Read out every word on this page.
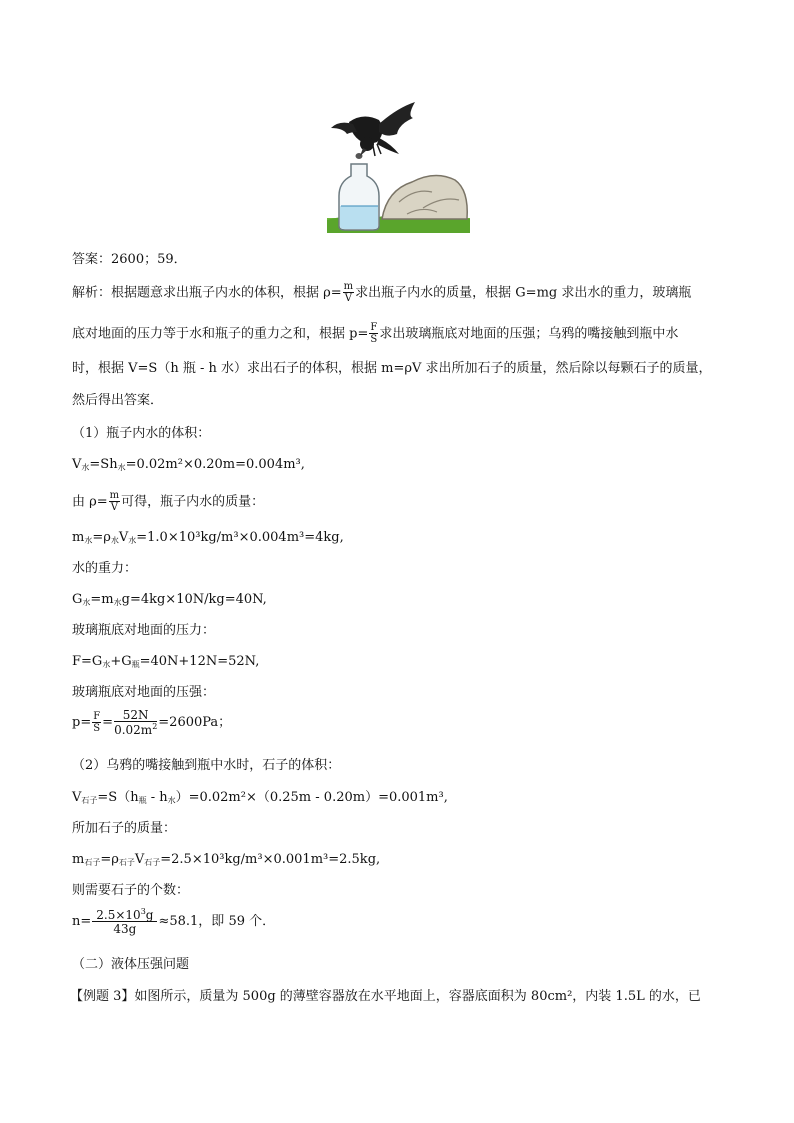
答案：2600；59．
解析：根据题意求出瓶子内水的体积，根据 $\rho= \frac{m}{V}$ 求出瓶子内水的质量，根据 G=mg 求出水的重力，玻璃瓶
底对地面的压力等于水和瓶子的重力之和，根据 $p= \frac{F}{S}$ 求出玻璃瓶底对地面的压强；乌鸦的嘴接触到瓶中水
时，根据 V=S（h 瓶 - h 水）求出石子的体积，根据 m=ρV 求出所加石子的质量，然后除以每颗石子的质量，
然后得出答案．
（1）瓶子内水的体积：
$V_水=Sh_水=0.02m^2\times 0.20m=0.004m^3$,
由 $\rho= \frac{m}{V}$ 可得，瓶子内水的质量：
$m_水=\rho_水V_水=1.0\times 10^3kg/m^3\times 0.004m^3=4kg$,
水的重力：
$G_水=m_水g=4kg\times 10N/kg=40N$,
玻璃瓶底对地面的压力：
$F=G_水+G_瓶=40N+12N=52N$,
玻璃瓶底对地面的压强：
$p= \frac{F}{S} = \frac{52N}{0.02m^2} =2600Pa$；
（2）乌鸦的嘴接触到瓶中水时，石子的体积：
$V_{石子}=S(h_瓶 - h_水)=0.02m^2\times(0.25m - 0.20m)=0.001m^3$,
所加石子的质量：
$m_{石子}=\rho_{石子}V_{石子}=2.5\times 10^3kg/m^3\times 0.001m^3=2.5kg$,
则需要石子的个数：
$n= \frac{2.5\times 10^3g}{43g} \approx 58.1$，即 59 个．
（二）液体压强问题
【例题 3】如图所示，质量为 500g 的薄壁容器放在水平地面上，容器底面积为 80cm²，内装 1.5L 的水，已
